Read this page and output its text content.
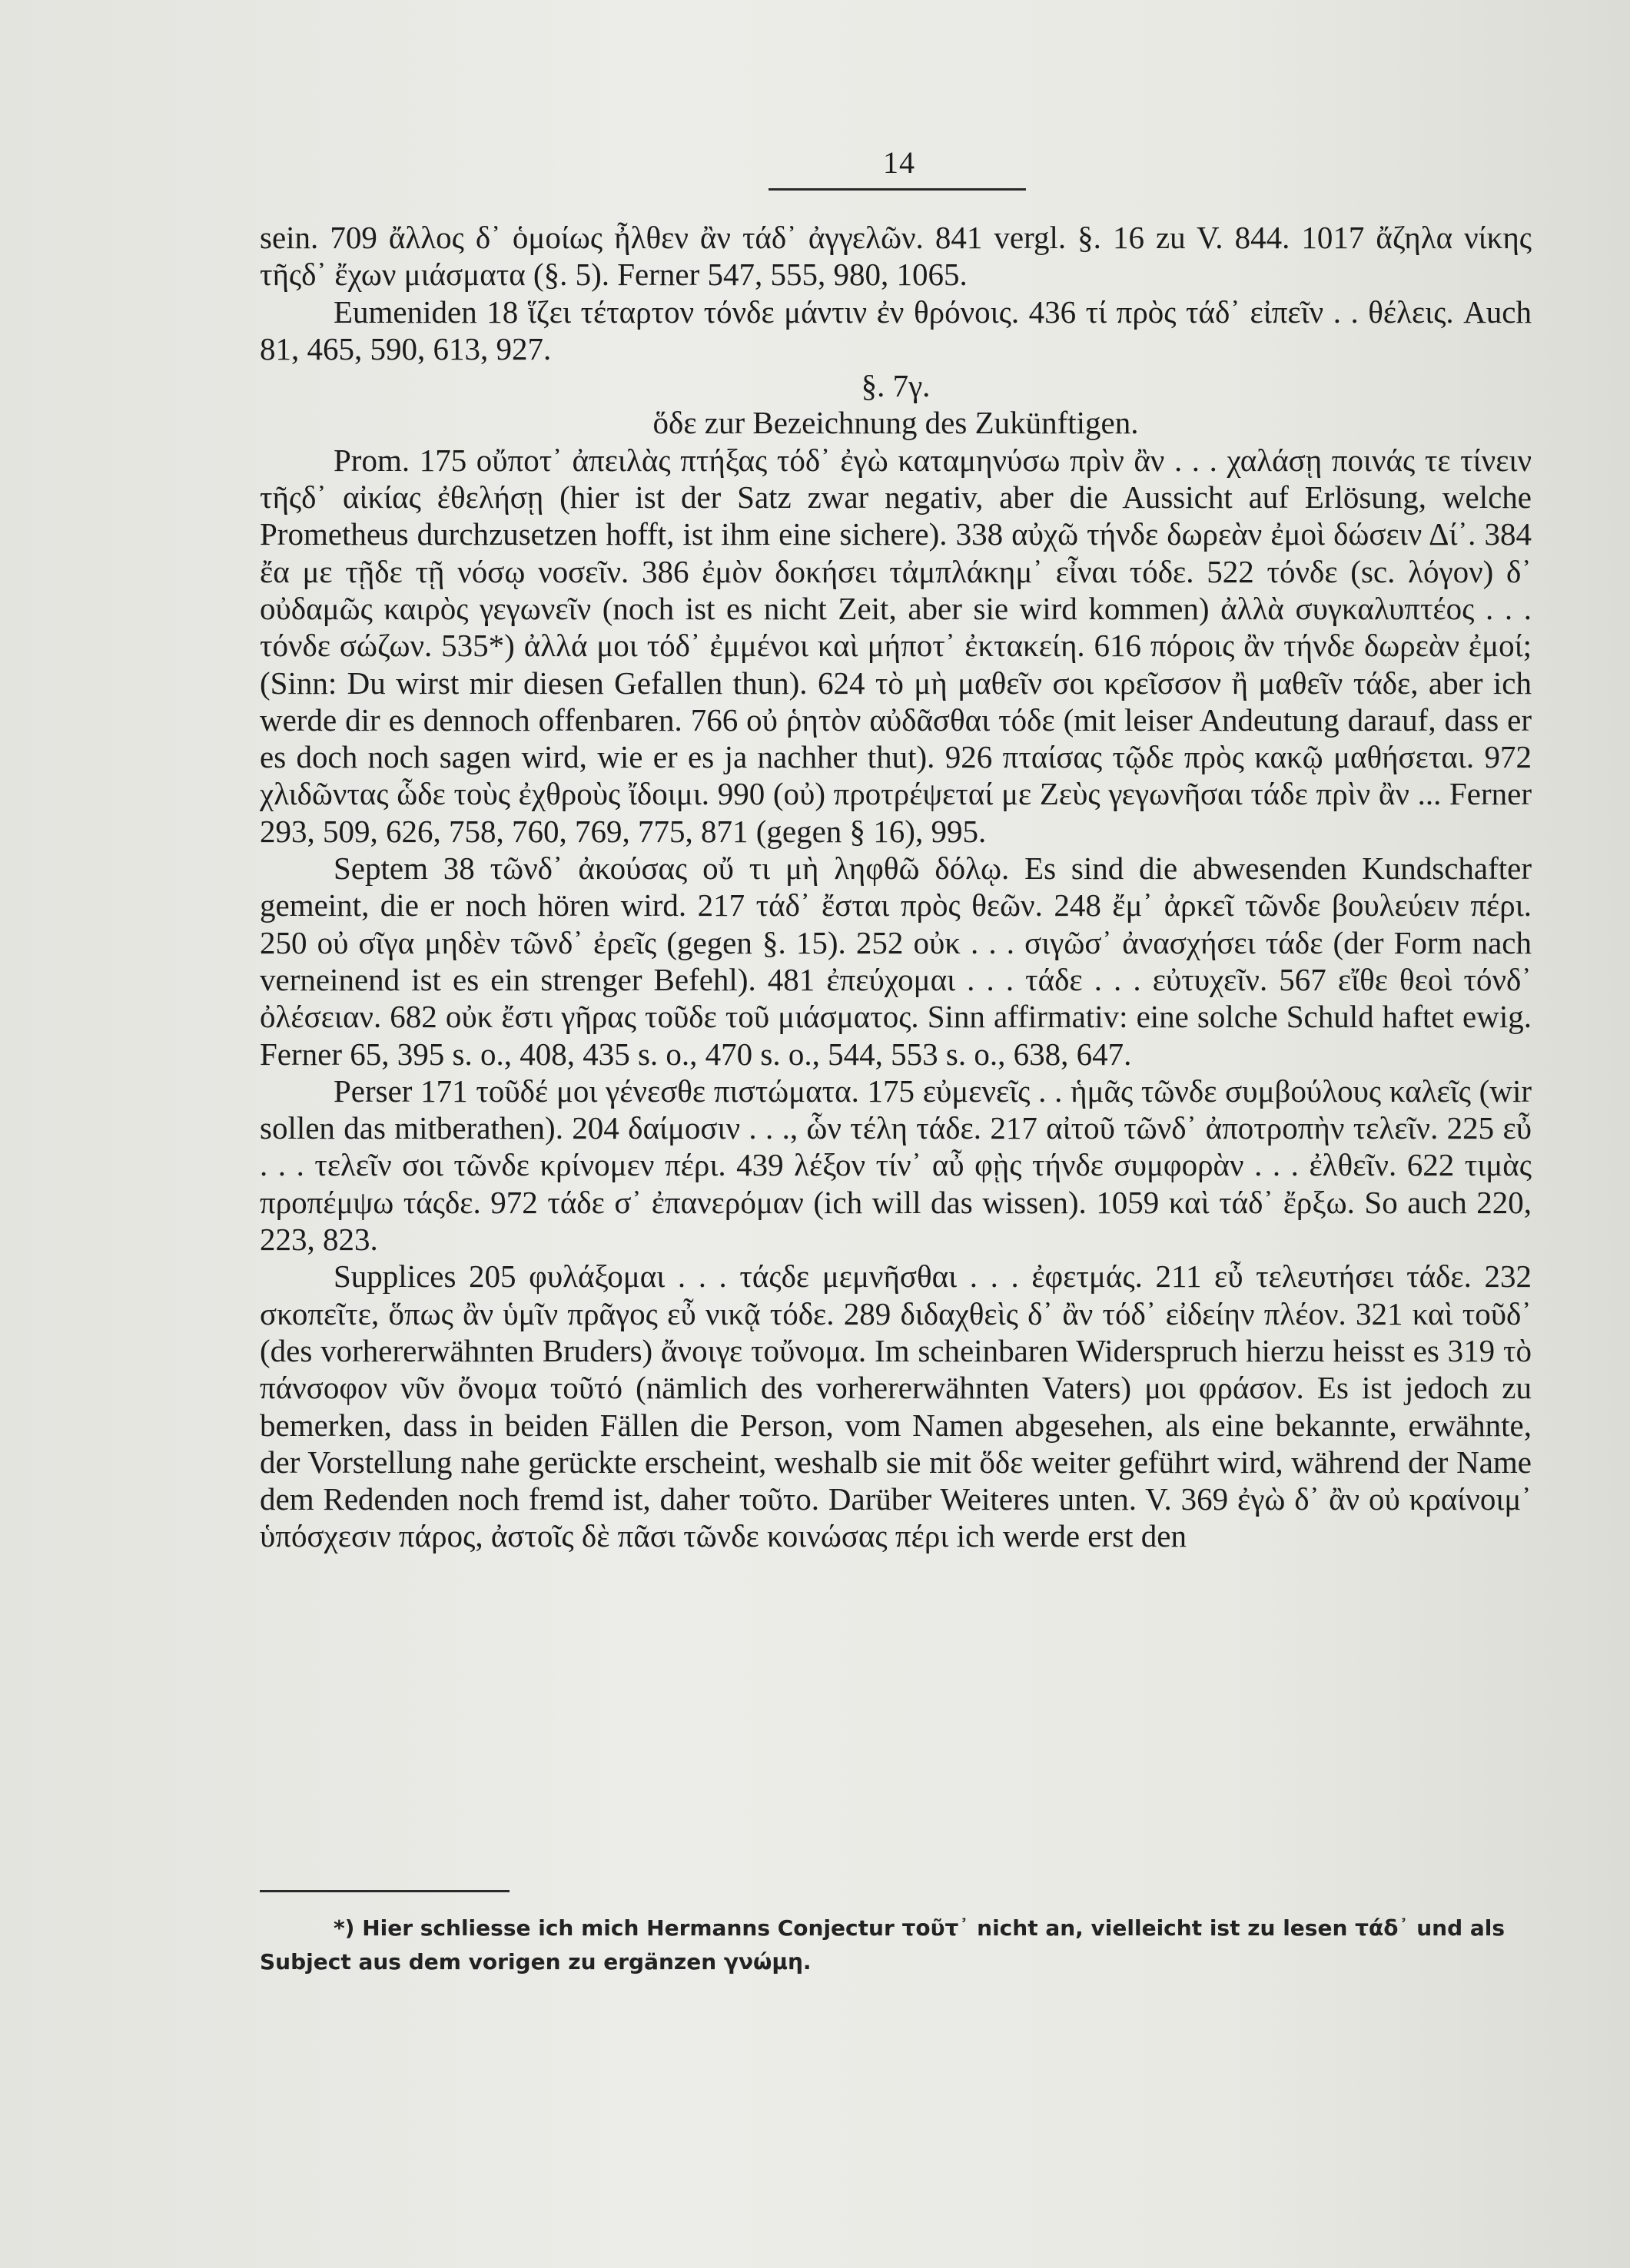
14

sein. 709 ἄλλος δ᾽ ὁμοίως ἦλθεν ἂν τάδ᾽ ἀγγελῶν. 841 vergl. §. 16 zu V. 844. 1017 ἄζηλα νίκης τῆςδ᾽ ἔχων μιάσματα (§. 5). Ferner 547, 555, 980, 1065.

Eumeniden 18 ἵζει τέταρτον τόνδε μάντιν ἐν θρόνοις. 436 τί πρὸς τάδ᾽ εἰπεῖν . . θέλεις. Auch 81, 465, 590, 613, 927.

§. 7γ.

ὅδε zur Bezeichnung des Zukünftigen.

Prom. 175 οὔποτ᾽ ἀπειλὰς πτήξας τόδ᾽ ἐγὼ καταμηνύσω πρὶν ἂν . . . χαλάσῃ ποινάς τε τίνειν τῆςδ᾽ αἰκίας ἐθελήσῃ (hier ist der Satz zwar negativ, aber die Aussicht auf Erlösung, welche Prometheus durchzusetzen hofft, ist ihm eine sichere). 338 αὐχῶ τήνδε δωρεὰν ἐμοὶ δώσειν Δί᾽. 384 ἔα με τῇδε τῇ νόσῳ νοσεῖν. 386 ἐμὸν δοκήσει τἀμπλάκημ᾽ εἶναι τόδε. 522 τόνδε (sc. λόγον) δ᾽ οὐδαμῶς καιρὸς γεγωνεῖν (noch ist es nicht Zeit, aber sie wird kommen) ἀλλὰ συγκαλυπτέος . . . τόνδε σώζων. 535*) ἀλλά μοι τόδ᾽ ἐμμένοι καὶ μήποτ᾽ ἐκτακείη. 616 πόροις ἂν τήνδε δωρεὰν ἐμοί; (Sinn: Du wirst mir diesen Gefallen thun). 624 τὸ μὴ μαθεῖν σοι κρεῖσσον ἢ μαθεῖν τάδε, aber ich werde dir es dennoch offenbaren. 766 οὐ ῥητὸν αὐδᾶσθαι τόδε (mit leiser Andeutung darauf, dass er es doch noch sagen wird, wie er es ja nachher thut). 926 πταίσας τῷδε πρὸς κακῷ μαθήσεται. 972 χλιδῶντας ὧδε τοὺς ἐχθροὺς ἴδοιμι. 990 (οὐ) προτρέψεταί με Ζεὺς γεγωνῆσαι τάδε πρὶν ἂν ... Ferner 293, 509, 626, 758, 760, 769, 775, 871 (gegen § 16), 995.

Septem 38 τῶνδ᾽ ἀκούσας οὔ τι μὴ ληφθῶ δόλῳ. Es sind die abwesenden Kundschafter gemeint, die er noch hören wird. 217 τάδ᾽ ἔσται πρὸς θεῶν. 248 ἔμ᾽ ἀρκεῖ τῶνδε βουλεύειν πέρι. 250 οὐ σῖγα μηδὲν τῶνδ᾽ ἐρεῖς (gegen §. 15). 252 οὐκ . . . σιγῶσ᾽ ἀνασχήσει τάδε (der Form nach verneinend ist es ein strenger Befehl). 481 ἐπεύχομαι . . . τάδε . . . εὐτυχεῖν. 567 εἴθε θεοὶ τόνδ᾽ ὀλέσειαν. 682 οὐκ ἔστι γῆρας τοῦδε τοῦ μιάσματος. Sinn affirmativ: eine solche Schuld haftet ewig. Ferner 65, 395 s. o., 408, 435 s. o., 470 s. o., 544, 553 s. o., 638, 647.

Perser 171 τοῦδέ μοι γένεσθε πιστώματα. 175 εὐμενεῖς . . ἡμᾶς τῶνδε συμβούλους καλεῖς (wir sollen das mitberathen). 204 δαίμοσιν . . ., ὧν τέλη τάδε. 217 αἰτοῦ τῶνδ᾽ ἀποτροπὴν τελεῖν. 225 εὖ . . . τελεῖν σοι τῶνδε κρίνομεν πέρι. 439 λέξον τίν᾽ αὖ φῂς τήνδε συμφορὰν . . . ἐλθεῖν. 622 τιμὰς προπέμψω τάςδε. 972 τάδε σ᾽ ἐπανερόμαν (ich will das wissen). 1059 καὶ τάδ᾽ ἔρξω. So auch 220, 223, 823.

Supplices 205 φυλάξομαι . . . τάςδε μεμνῆσθαι . . . ἐφετμάς. 211 εὖ τελευτήσει τάδε. 232 σκοπεῖτε, ὅπως ἂν ὑμῖν πρᾶγος εὖ νικᾷ τόδε. 289 διδαχθεὶς δ᾽ ἂν τόδ᾽ εἰδείην πλέον. 321 καὶ τοῦδ᾽ (des vorhererwähnten Bruders) ἄνοιγε τοὔνομα. Im scheinbaren Widerspruch hierzu heisst es 319 τὸ πάνσοφον νῦν ὄνομα τοῦτό (nämlich des vorhererwähnten Vaters) μοι φράσον. Es ist jedoch zu bemerken, dass in beiden Fällen die Person, vom Namen abgesehen, als eine bekannte, erwähnte, der Vorstellung nahe gerückte erscheint, weshalb sie mit ὅδε weiter geführt wird, während der Name dem Redenden noch fremd ist, daher τοῦτο. Darüber Weiteres unten. V. 369 ἐγὼ δ᾽ ἂν οὐ κραίνοιμ᾽ ὑπόσχεσιν πάρος, ἀστοῖς δὲ πᾶσι τῶνδε κοινώσας πέρι ich werde erst den

*) Hier schliesse ich mich Hermanns Conjectur τοῦτ᾽ nicht an, vielleicht ist zu lesen τάδ᾽ und als Subject aus dem vorigen zu ergänzen γνώμη.
